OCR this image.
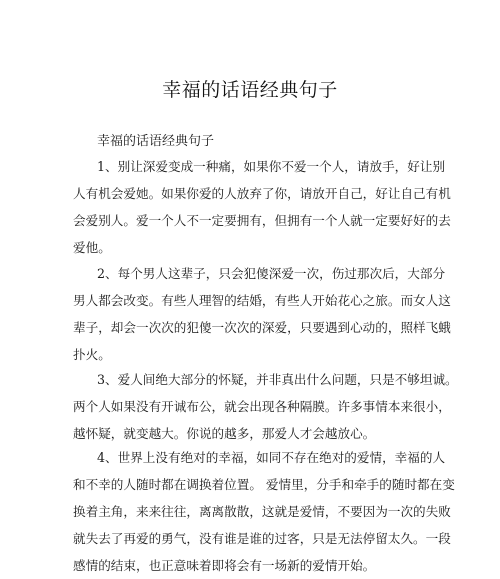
幸福的话语经典句子
幸福的话语经典句子

1、别让深爱变成一种痛，如果你不爱一个人，请放手，好让别
人有机会爱她。如果你爱的人放弃了你，请放开自己，好让自己有机
会爱别人。爱一个人不一定要拥有，但拥有一个人就一定要好好的去
爱他。

2、每个男人这辈子，只会犯傻深爱一次，伤过那次后，大部分
男人都会改变。有些人理智的结婚，有些人开始花心之旅。而女人这
辈子，却会一次次的犯傻一次次的深爱，只要遇到心动的，照样飞蛾
扑火。

3、爱人间绝大部分的怀疑，并非真出什么问题，只是不够坦诚。
两个人如果没有开诚布公，就会出现各种隔膜。许多事情本来很小，
越怀疑，就变越大。你说的越多，那爱人才会越放心。

4、世界上没有绝对的幸福，如同不存在绝对的爱情，幸福的人
和不幸的人随时都在调换着位置。 爱情里，分手和牵手的随时都在变
换着主角，来来往往，离离散散，这就是爱情，不要因为一次的失败
就失去了再爱的勇气，没有谁是谁的过客，只是无法停留太久。一段
感情的结束，也正意味着即将会有一场新的爱情开始。
